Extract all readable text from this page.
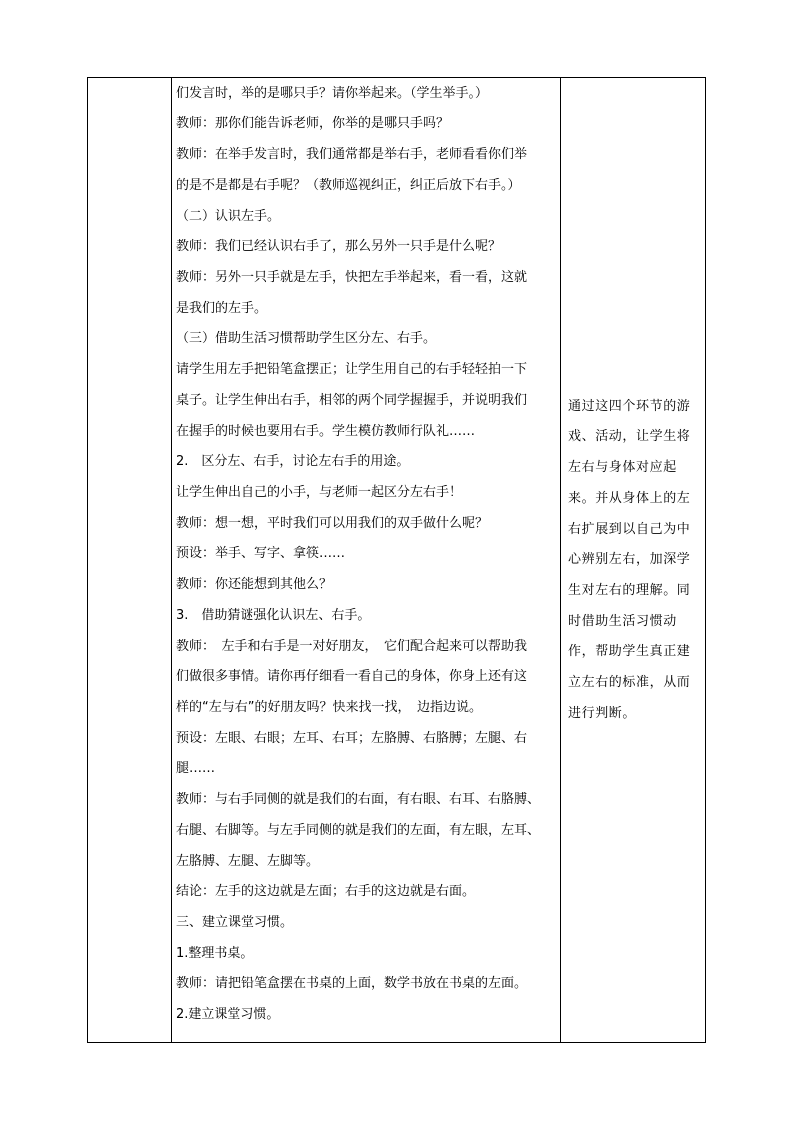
们发言时，举的是哪只手？请你举起来。（学生举手。）
教师：那你们能告诉老师，你举的是哪只手吗？
教师：在举手发言时，我们通常都是举右手，老师看看你们举
的是不是都是右手呢？（教师巡视纠正，纠正后放下右手。）
（二）认识左手。
教师：我们已经认识右手了，那么另外一只手是什么呢？
教师：另外一只手就是左手，快把左手举起来，看一看，这就
是我们的左手。
（三）借助生活习惯帮助学生区分左、右手。
请学生用左手把铅笔盒摆正；让学生用自己的右手轻轻拍一下
桌子。让学生伸出右手，相邻的两个同学握握手，并说明我们
在握手的时候也要用右手。学生模仿教师行队礼……
2.　区分左、右手，讨论左右手的用途。
让学生伸出自己的小手，与老师一起区分左右手！
教师：想一想，平时我们可以用我们的双手做什么呢？
预设：举手、写字、拿筷……
教师：你还能想到其他么？
3.　借助猜谜强化认识左、右手。
教师：　左手和右手是一对好朋友，　它们配合起来可以帮助我
们做很多事情。请你再仔细看一看自己的身体，你身上还有这
样的“左与右”的好朋友吗？快来找一找，　边指边说。
预设：左眼、右眼；左耳、右耳；左胳膊、右胳膊；左腿、右
腿……
教师：与右手同侧的就是我们的右面，有右眼、右耳、右胳膊、
右腿、右脚等。与左手同侧的就是我们的左面，有左眼，左耳、
左胳膊、左腿、左脚等。
结论：左手的这边就是左面；右手的这边就是右面。
三、建立课堂习惯。
1.整理书桌。
教师：请把铅笔盒摆在书桌的上面，数学书放在书桌的左面。
2.建立课堂习惯。
通过这四个环节的游
戏、活动，让学生将
左右与身体对应起
来。并从身体上的左
右扩展到以自己为中
心辨别左右，加深学
生对左右的理解。同
时借助生活习惯动
作，帮助学生真正建
立左右的标准，从而
进行判断。
